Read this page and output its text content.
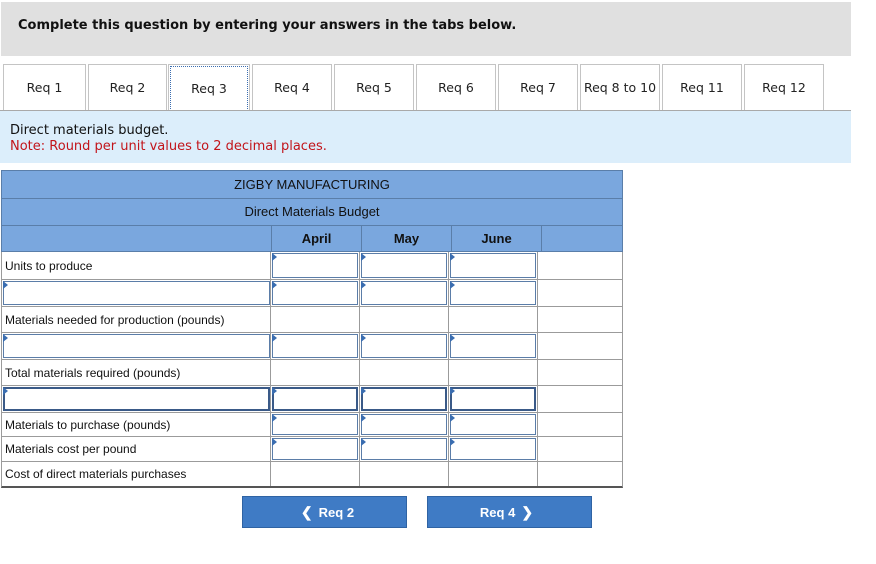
Complete this question by entering your answers in the tabs below.
Req 1	Req 2	Req 3	Req 4	Req 5	Req 6	Req 7 Req 8 to 10 Req 11	Req 12
Direct materials budget.
Note: Round per unit values to 2 decimal places.
ZIGBY MANUFACTURING
Direct Materials Budget
April	May	June
Units to produce
Materials needed for production (pounds)
Total materials required (pounds)
Materials to purchase (pounds)
Materials cost per pound
Cost of direct materials purchases
❮ Req 2	Req 4 ❯
